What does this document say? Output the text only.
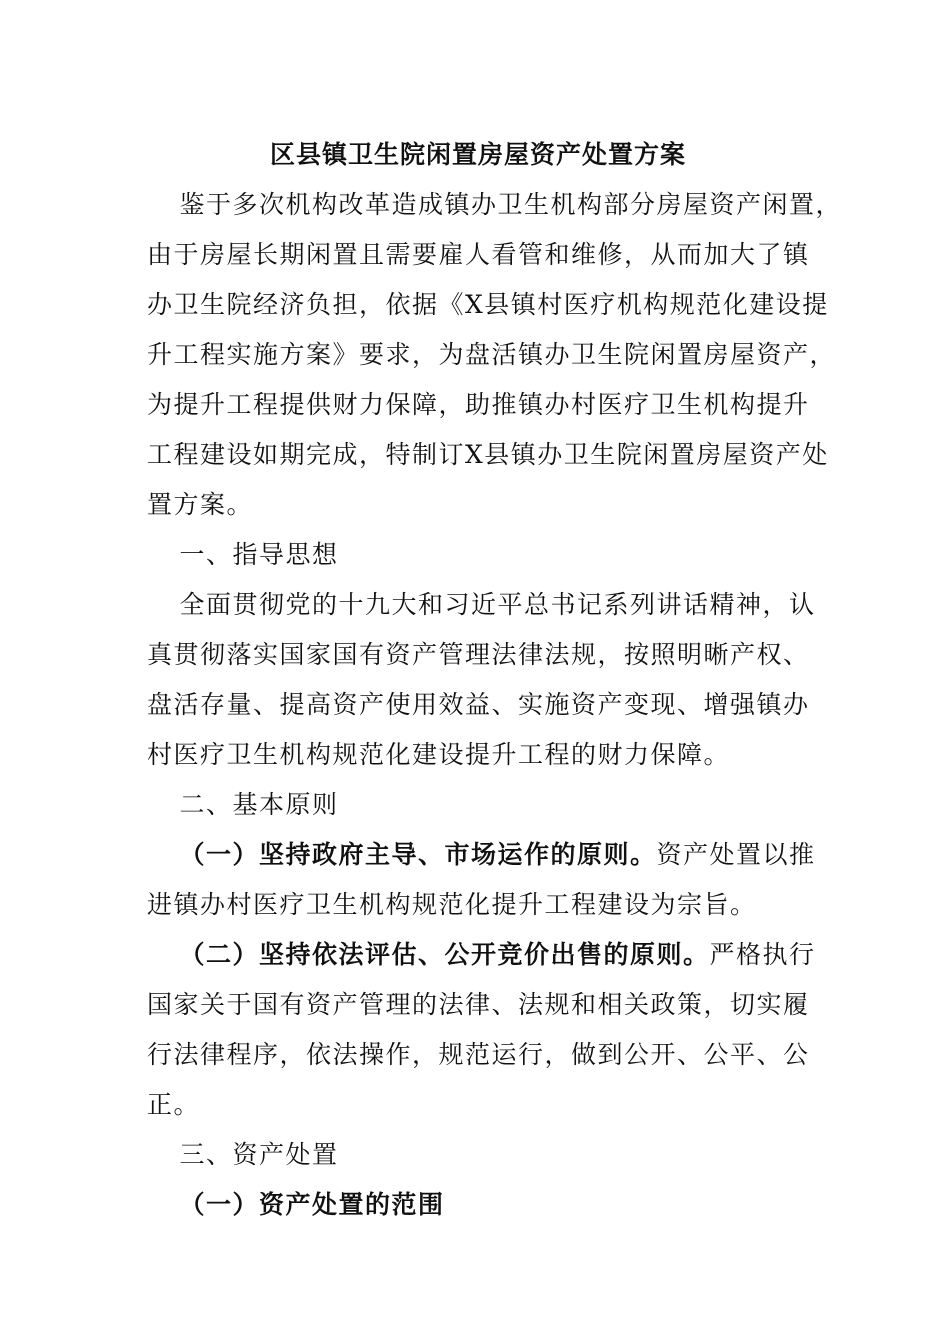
区县镇卫生院闲置房屋资产处置方案
鉴于多次机构改革造成镇办卫生机构部分房屋资产闲置，
由于房屋长期闲置且需要雇人看管和维修，从而加大了镇
办卫生院经济负担，依据《X县镇村医疗机构规范化建设提
升工程实施方案》要求，为盘活镇办卫生院闲置房屋资产，
为提升工程提供财力保障，助推镇办村医疗卫生机构提升
工程建设如期完成，特制订X县镇办卫生院闲置房屋资产处
置方案。

一、指导思想

全面贯彻党的十九大和习近平总书记系列讲话精神，认
真贯彻落实国家国有资产管理法律法规，按照明晰产权、
盘活存量、提高资产使用效益、实施资产变现、增强镇办
村医疗卫生机构规范化建设提升工程的财力保障。

二、基本原则

（一）坚持政府主导、市场运作的原则。资产处置以推
进镇办村医疗卫生机构规范化提升工程建设为宗旨。
（二）坚持依法评估、公开竞价出售的原则。严格执行
国家关于国有资产管理的法律、法规和相关政策，切实履
行法律程序，依法操作，规范运行，做到公开、公平、公
正。

三、资产处置

（一）资产处置的范围
